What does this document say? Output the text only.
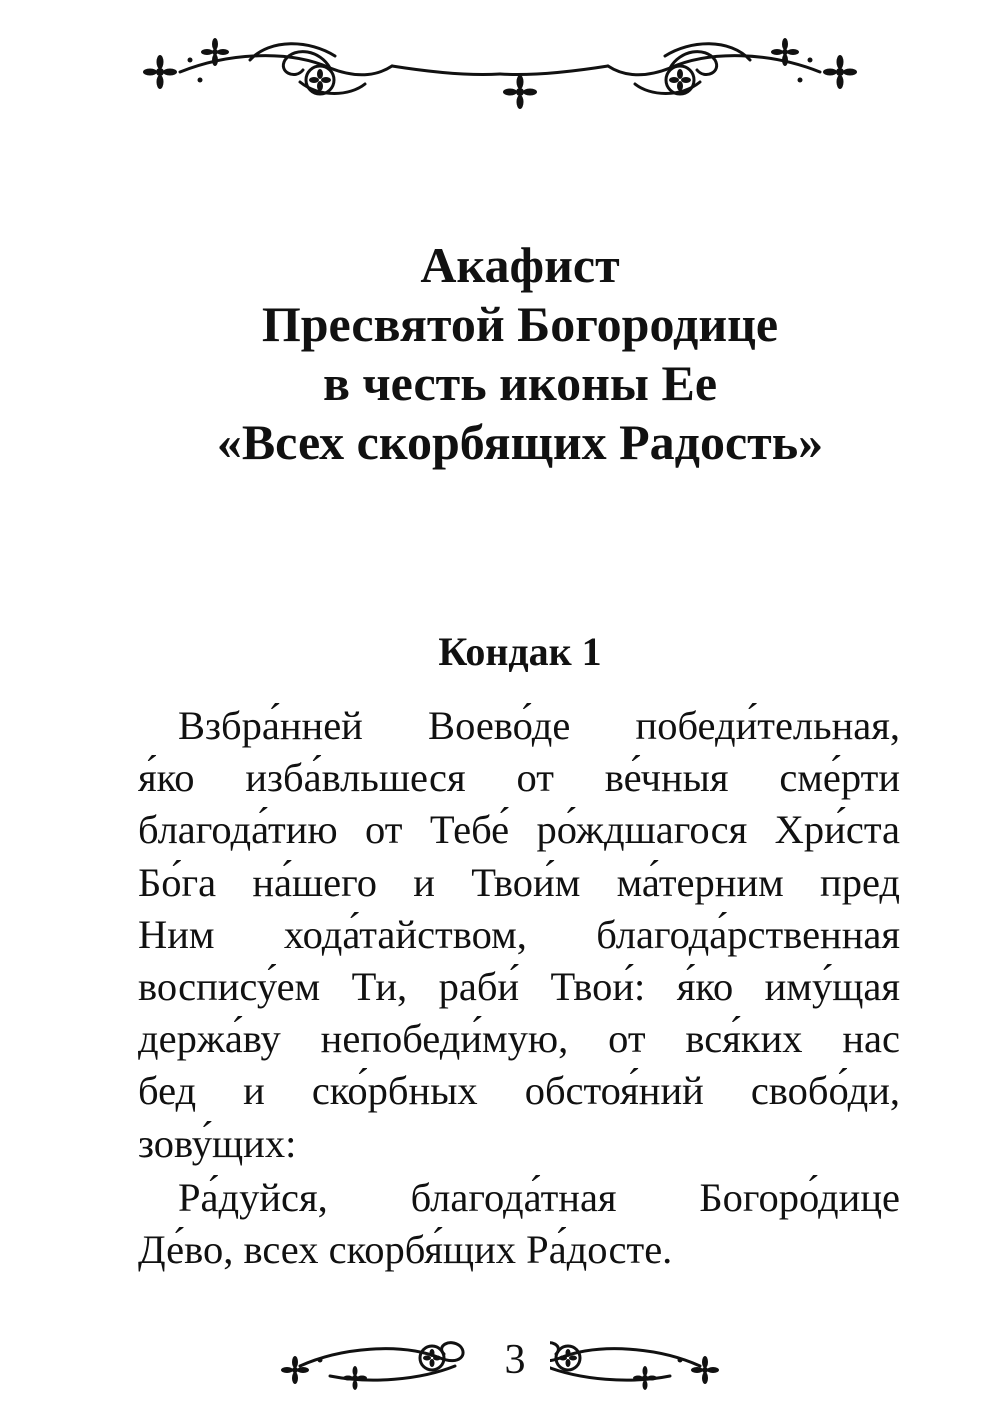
Акафист
Пресвятой Богородице
в честь иконы Ее
«Всех скорбящих Радость»
Кондак 1
Взбра́нней Воево́де победи́тельная,
я́ко изба́вльшеся от ве́чныя сме́рти
благода́тию от Тебе́ ро́ждшагося Хри́ста
Бо́га на́шего и Твои́м ма́терним пред
Ним хода́тайством, благода́рственная
воспису́ем Ти, раби́ Твои́: я́ко иму́щая
держа́ву непобеди́мую, от вся́ких нас
бед и ско́рбных обстоя́ний свобо́ди,
зову́щих:
Ра́дуйся, благода́тная Богоро́дице
Де́во, всех скорбя́щих Ра́досте.
3
